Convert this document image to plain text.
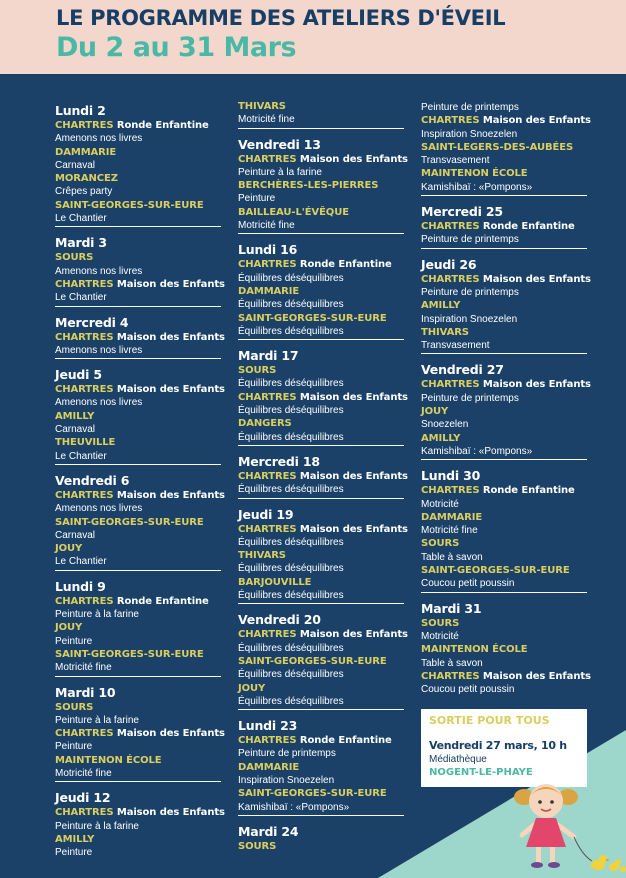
LE PROGRAMME DES ATELIERS D'ÉVEIL
Du 2 au 31 Mars
Lundi 2
CHARTRES Ronde Enfantine
Amenons nos livres
DAMMARIE
Carnaval
MORANCEZ
Crêpes party
SAINT-GEORGES-SUR-EURE
Le Chantier
Mardi 3
SOURS
Amenons nos livres
CHARTRES Maison des Enfants
Le Chantier
Mercredi 4
CHARTRES Maison des Enfants
Amenons nos livres
Jeudi 5
CHARTRES Maison des Enfants
Amenons nos livres
AMILLY
Carnaval
THEUVILLE
Le Chantier
Vendredi 6
CHARTRES Maison des Enfants
Amenons nos livres
SAINT-GEORGES-SUR-EURE
Carnaval
JOUY
Le Chantier
Lundi 9
CHARTRES Ronde Enfantine
Peinture à la farine
JOUY
Peinture
SAINT-GEORGES-SUR-EURE
Motricité fine
Mardi 10
SOURS
Peinture à la farine
CHARTRES Maison des Enfants
Peinture
MAINTENON ÉCOLE
Motricité fine
Jeudi 12
CHARTRES Maison des Enfants
Peinture à la farine
AMILLY
Peinture
THIVARS
Motricité fine
Vendredi 13
CHARTRES Maison des Enfants
Peinture à la farine
BERCHÈRES-LES-PIERRES
Peinture
BAILLEAU-L'ÉVÊQUE
Motricité fine
Lundi 16
CHARTRES Ronde Enfantine
Équilibres déséquilibres
DAMMARIE
Équilibres déséquilibres
SAINT-GEORGES-SUR-EURE
Équilibres déséquilibres
Mardi 17
SOURS
Équilibres déséquilibres
CHARTRES Maison des Enfants
Équilibres déséquilibres
DANGERS
Équilibres déséquilibres
Mercredi 18
CHARTRES Maison des Enfants
Équilibres déséquilibres
Jeudi 19
CHARTRES Maison des Enfants
Équilibres déséquilibres
THIVARS
Équilibres déséquilibres
BARJOUVILLE
Équilibres déséquilibres
Vendredi 20
CHARTRES Maison des Enfants
Équilibres déséquilibres
SAINT-GEORGES-SUR-EURE
Équilibres déséquilibres
JOUY
Équilibres déséquilibres
Lundi 23
CHARTRES Ronde Enfantine
Peinture de printemps
DAMMARIE
Inspiration Snoezelen
SAINT-GEORGES-SUR-EURE
Kamishibaï : «Pompons»
Mardi 24
SOURS
Peinture de printemps
CHARTRES Maison des Enfants
Inspiration Snoezelen
SAINT-LEGERS-DES-AUBÉES
Transvasement
MAINTENON ÉCOLE
Kamishibaï : «Pompons»
Mercredi 25
CHARTRES Ronde Enfantine
Peinture de printemps
Jeudi 26
CHARTRES Maison des Enfants
Peinture de printemps
AMILLY
Inspiration Snoezelen
THIVARS
Transvasement
Vendredi 27
CHARTRES Maison des Enfants
Peinture de printemps
JOUY
Snoezelen
AMILLY
Kamishibaï : «Pompons»
Lundi 30
CHARTRES Ronde Enfantine
Motricité
DAMMARIE
Motricité fine
SOURS
Table à savon
SAINT-GEORGES-SUR-EURE
Coucou petit poussin
Mardi 31
SOURS
Motricité
MAINTENON ÉCOLE
Table à savon
CHARTRES Maison des Enfants
Coucou petit poussin
SORTIE POUR TOUS
Vendredi 27 mars, 10 h
Médiathèque
NOGENT-LE-PHAYE
